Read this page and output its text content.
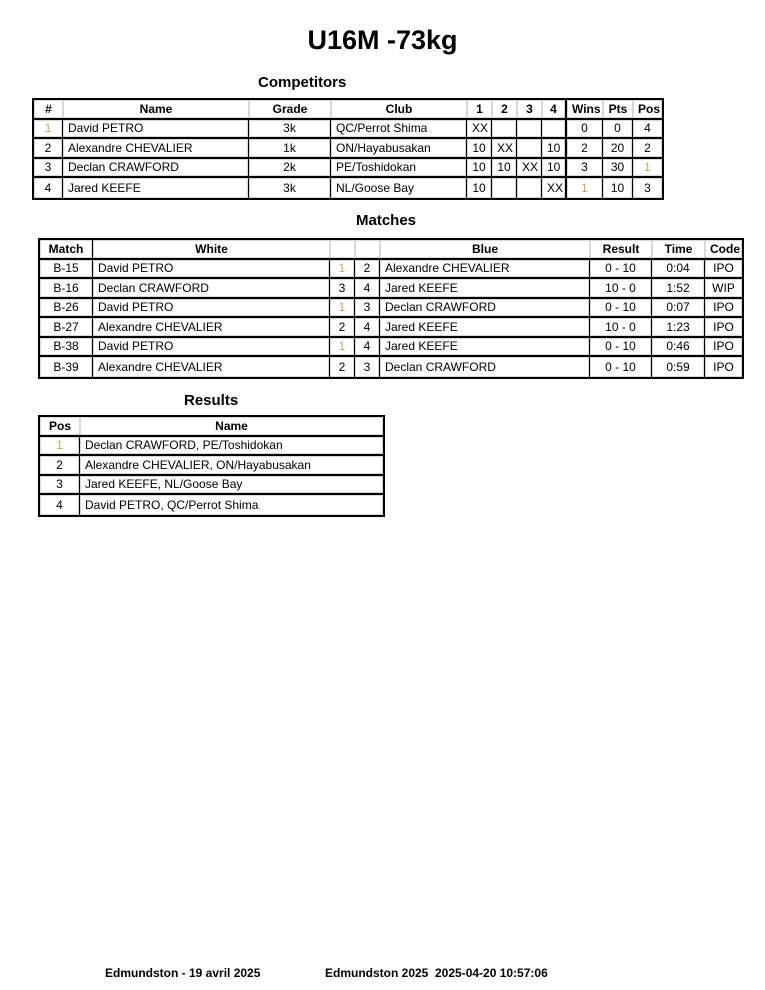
U16M -73kg
Competitors
#	Name	Grade	Club	1	2	3	4	Wins	Pts	Pos
1	David PETRO	3k	QC/Perrot Shima	XX				0	0	4
2	Alexandre CHEVALIER	1k	ON/Hayabusakan	10	XX		10	2	20	2
3	Declan CRAWFORD	2k	PE/Toshidokan	10	10	XX	10	3	30	1
4	Jared KEEFE	3k	NL/Goose Bay	10			XX	1	10	3
Matches
Match	White			Blue	Result	Time	Code
B-15	David PETRO	1	2	Alexandre CHEVALIER	0 - 10	0:04	IPO
B-16	Declan CRAWFORD	3	4	Jared KEEFE	10 - 0	1:52	WIP
B-26	David PETRO	1	3	Declan CRAWFORD	0 - 10	0:07	IPO
B-27	Alexandre CHEVALIER	2	4	Jared KEEFE	10 - 0	1:23	IPO
B-38	David PETRO	1	4	Jared KEEFE	0 - 10	0:46	IPO
B-39	Alexandre CHEVALIER	2	3	Declan CRAWFORD	0 - 10	0:59	IPO
Results
Pos	Name
1	Declan CRAWFORD, PE/Toshidokan
2	Alexandre CHEVALIER, ON/Hayabusakan
3	Jared KEEFE, NL/Goose Bay
4	David PETRO, QC/Perrot Shima
Edmundston - 19 avril 2025	Edmundston 2025 2025-04-20 10:57:06
